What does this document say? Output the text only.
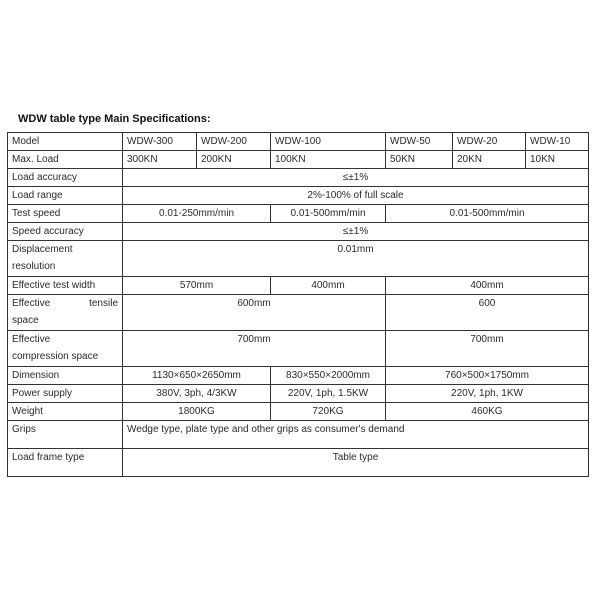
WDW table type Main Specifications:
Model	WDW-300	WDW-200	WDW-100	WDW-50	WDW-20	WDW-10
Max. Load	300KN	200KN	100KN	50KN	20KN	10KN
Load accuracy	≤±1%					
Load range	2%-100% of full scale					
Test speed	0.01-250mm/min		0.01-500mm/min	0.01-500mm/min		
Speed accuracy	≤±1%					

Displacement
resolution	0.01mm					
Effective test width	570mm		400mm	400mm		

Effective tensile
space	600mm			600		

Effective
compression space	700mm			700mm		
Dimension	1130×650×2650mm		830×550×2000mm	760×500×1750mm		
Power supply	380V, 3ph, 4/3KW		220V, 1ph, 1.5KW	220V, 1ph, 1KW		
Weight	1800KG		720KG	460KG		
Grips	Wedge type, plate type and other grips as consumer's demand					
Load frame type	Table type					
